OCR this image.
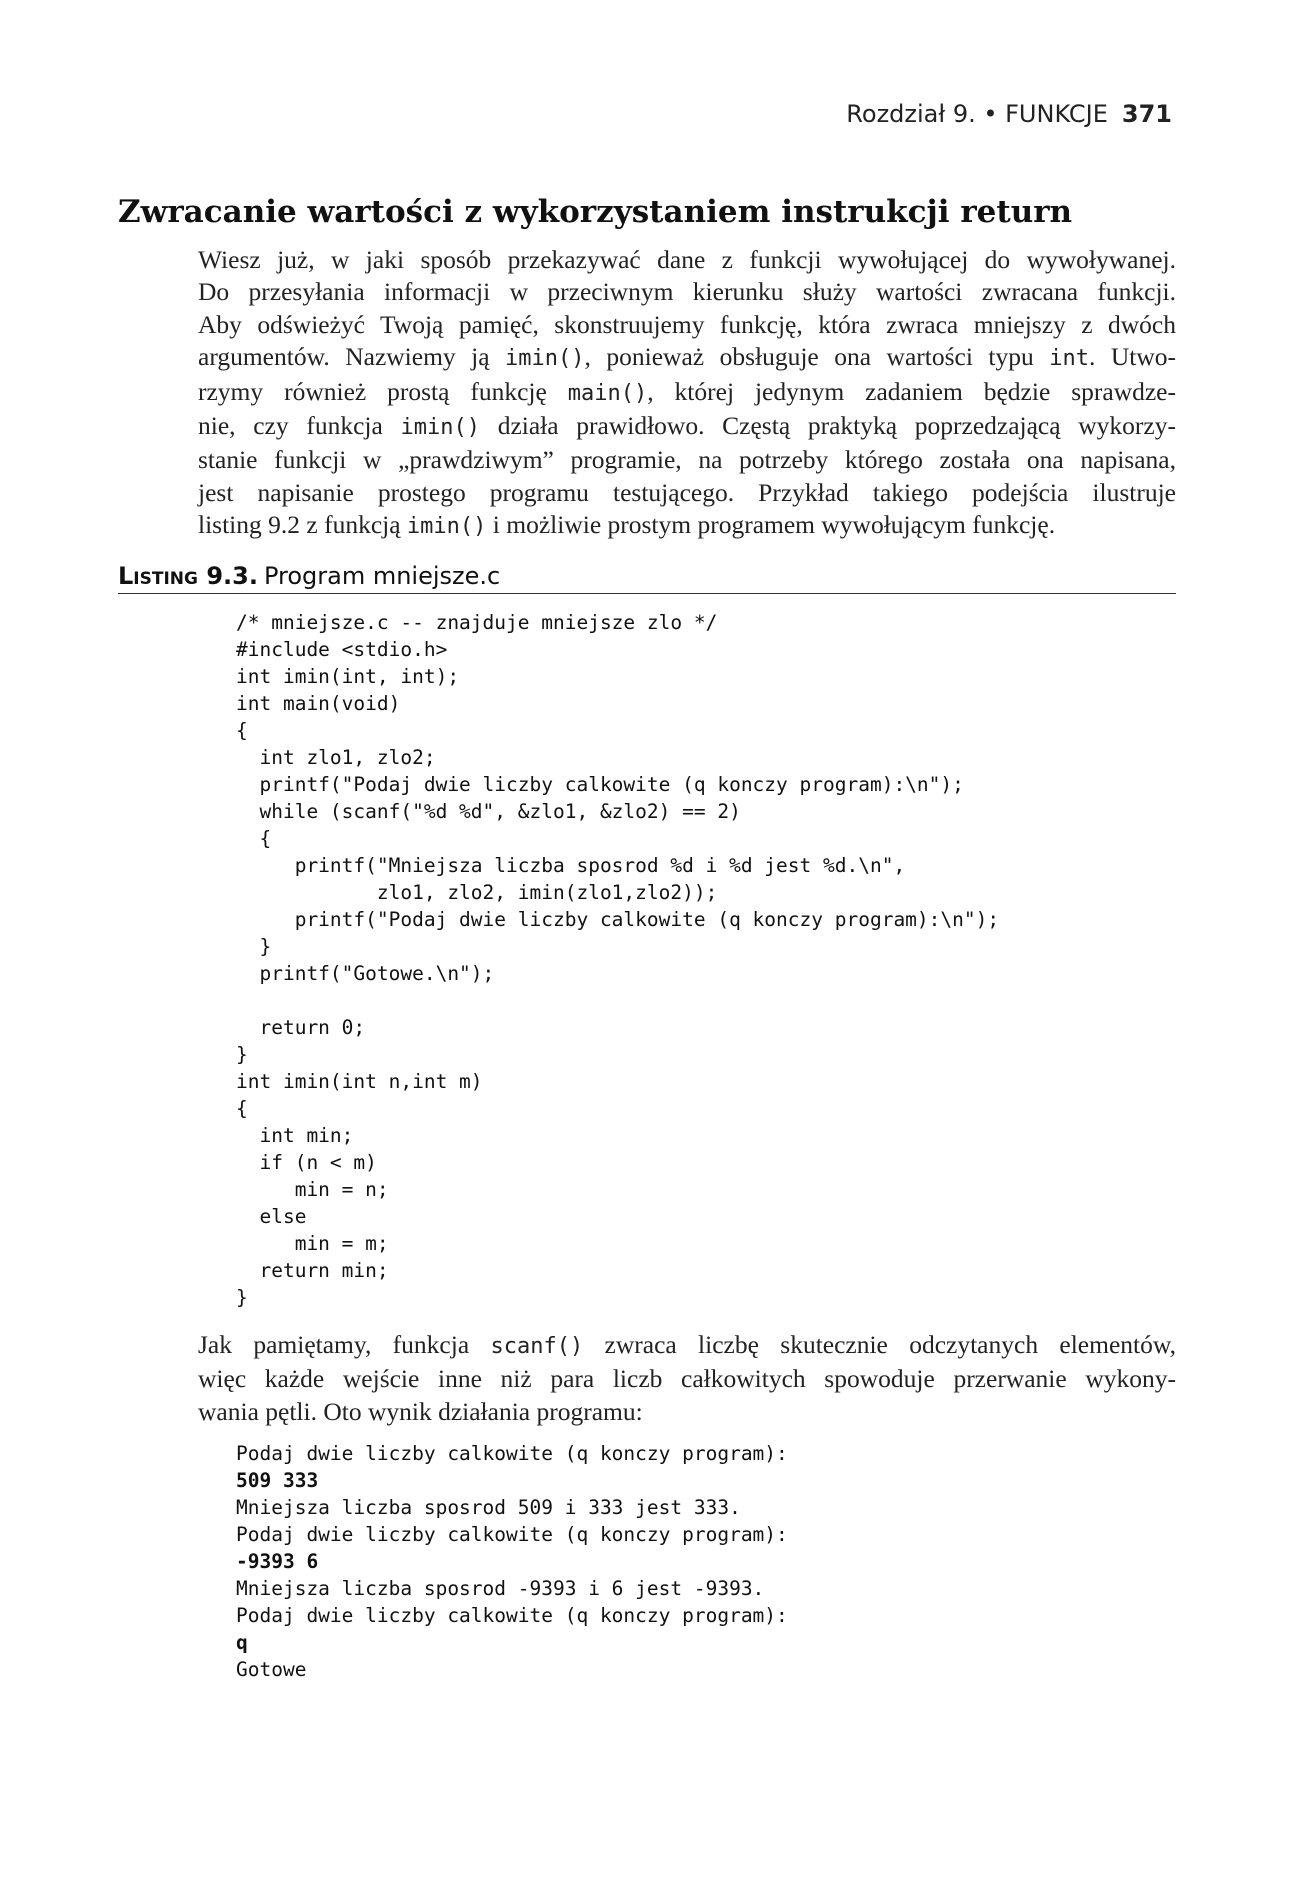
Rozdział 9. • FUNKCJE 371
Zwracanie wartości z wykorzystaniem instrukcji return
Wiesz już, w jaki sposób przekazywać dane z funkcji wywołującej do wywoływanej.
Do przesyłania informacji w przeciwnym kierunku służy wartości zwracana funkcji.
Aby odświeżyć Twoją pamięć, skonstruujemy funkcję, która zwraca mniejszy z dwóch
argumentów. Nazwiemy ją imin(), ponieważ obsługuje ona wartości typu int. Utwo-
rzymy również prostą funkcję main(), której jedynym zadaniem będzie sprawdze-
nie, czy funkcja imin() działa prawidłowo. Częstą praktyką poprzedzającą wykorzy-
stanie funkcji w „prawdziwym” programie, na potrzeby którego została ona napisana,
jest napisanie prostego programu testującego. Przykład takiego podejścia ilustruje
listing 9.2 z funkcją imin() i możliwie prostym programem wywołującym funkcję.
Listing 9.3. Program mniejsze.c
/* mniejsze.c -- znajduje mniejsze zlo */
#include <stdio.h>
int imin(int, int);
int main(void)
{
int zlo1, zlo2;
printf("Podaj dwie liczby calkowite (q konczy program):\n");
while (scanf("%d %d", &zlo1, &zlo2) == 2)
{
printf("Mniejsza liczba sposrod %d i %d jest %d.\n",
zlo1, zlo2, imin(zlo1,zlo2));
printf("Podaj dwie liczby calkowite (q konczy program):\n");
}
printf("Gotowe.\n");
return 0;
}
int imin(int n,int m)
{
int min;
if (n < m)
min = n;
else
min = m;
return min;
}
Jak pamiętamy, funkcja scanf() zwraca liczbę skutecznie odczytanych elementów,
więc każde wejście inne niż para liczb całkowitych spowoduje przerwanie wykony-
wania pętli. Oto wynik działania programu:
Podaj dwie liczby calkowite (q konczy program):
509 333
Mniejsza liczba sposrod 509 i 333 jest 333.
Podaj dwie liczby calkowite (q konczy program):
-9393 6
Mniejsza liczba sposrod -9393 i 6 jest -9393.
Podaj dwie liczby calkowite (q konczy program):
q
Gotowe
